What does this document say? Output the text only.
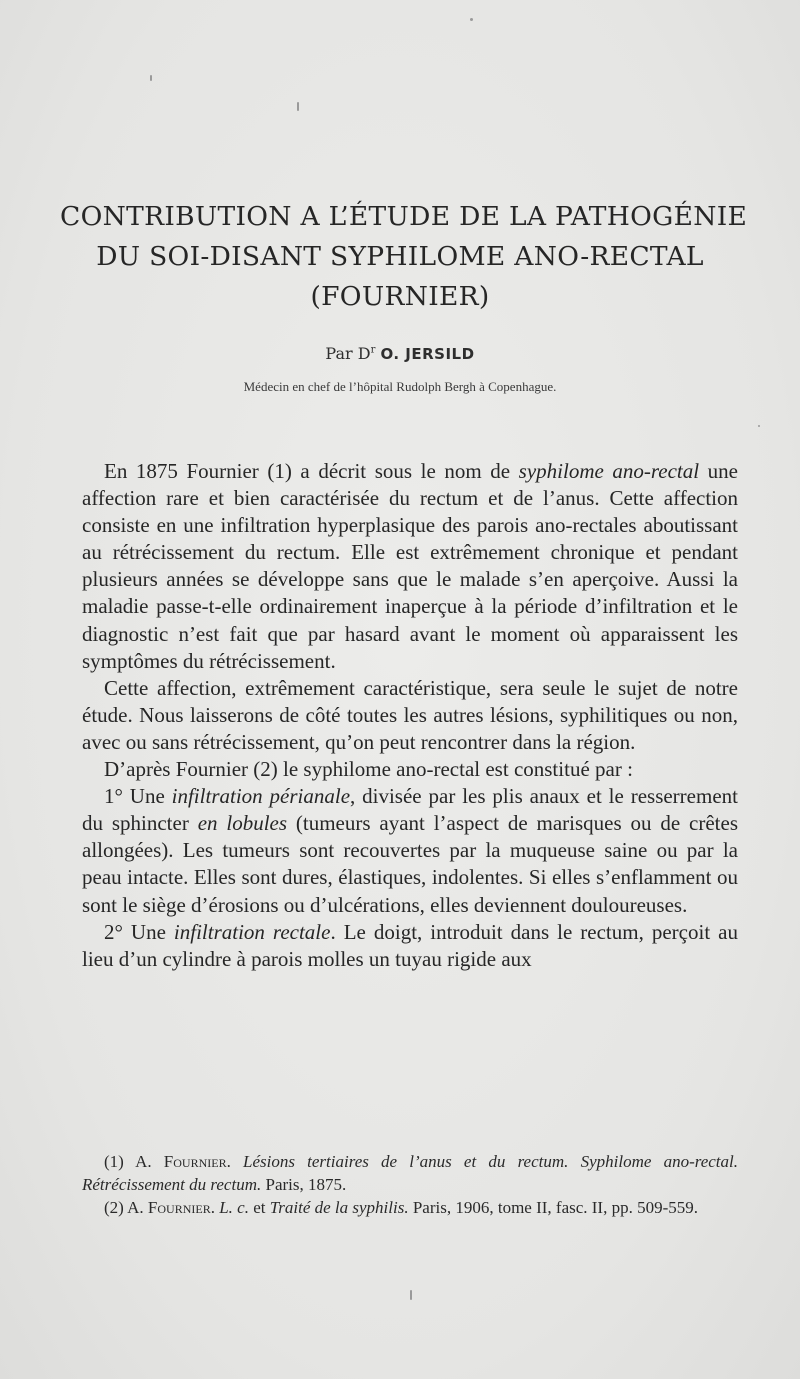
CONTRIBUTION A L’ÉTUDE DE LA PATHOGÉNIE
DU SOI-DISANT SYPHILOME ANO-RECTAL
(FOURNIER)
Par $D^r$ O. JERSILD
Médecin en chef de l’hôpital Rudolph Bergh à Copenhague.

En 1875 Fournier (1) a décrit sous le nom de syphilome ano-rectal une affection rare et bien caractérisée du rectum et de l’anus. Cette affection consiste en une infiltration hyperplasique des parois ano-rectales aboutissant au rétrécissement du rectum. Elle est extrêmement chronique et pendant plusieurs années se développe sans que le malade s’en aperçoive. Aussi la maladie passe-t-elle ordinairement inaperçue à la période d’infiltration et le diagnostic n’est fait que par hasard avant le moment où apparaissent les symptômes du rétrécissement.

Cette affection, extrêmement caractéristique, sera seule le sujet de notre étude. Nous laisserons de côté toutes les autres lésions, syphilitiques ou non, avec ou sans rétrécissement, qu’on peut rencontrer dans la région.

D’après Fournier (2) le syphilome ano-rectal est constitué par :

1° Une infiltration périanale, divisée par les plis anaux et le resserrement du sphincter en lobules (tumeurs ayant l’aspect de marisques ou de crêtes allongées). Les tumeurs sont recouvertes par la muqueuse saine ou par la peau intacte. Elles sont dures, élastiques, indolentes. Si elles s’enflamment ou sont le siège d’érosions ou d’ulcérations, elles deviennent douloureuses.

2° Une infiltration rectale. Le doigt, introduit dans le rectum, perçoit au lieu d’un cylindre à parois molles un tuyau rigide aux

(1) A. Fournier. Lésions tertiaires de l’anus et du rectum. Syphilome ano-rectal. Rétrécissement du rectum. Paris, 1875.

(2) A. Fournier. L. c. et Traité de la syphilis. Paris, 1906, tome II, fasc. II, pp. 509-559.
